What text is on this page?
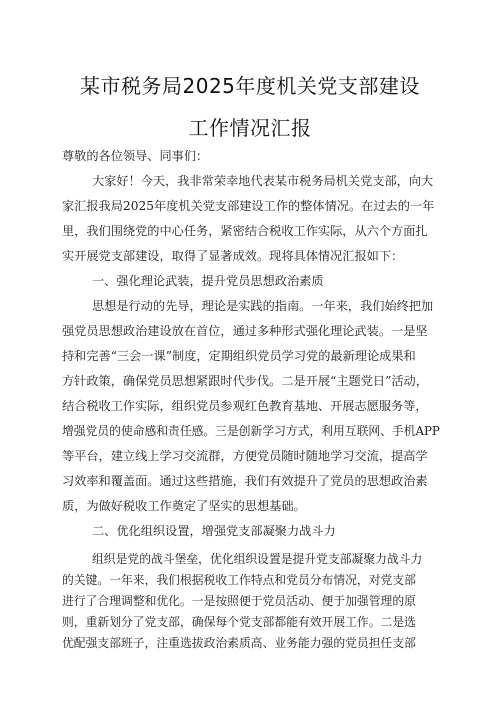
某市税务局2025年度机关党支部建设
工作情况汇报
尊敬的各位领导、同事们：
大家好！今天，我非常荣幸地代表某市税务局机关党支部，向大
家汇报我局2025年度机关党支部建设工作的整体情况。在过去的一年
里，我们围绕党的中心任务，紧密结合税收工作实际，从六个方面扎
实开展党支部建设，取得了显著成效。现将具体情况汇报如下：
一、强化理论武装，提升党员思想政治素质
思想是行动的先导，理论是实践的指南。一年来，我们始终把加
强党员思想政治建设放在首位，通过多种形式强化理论武装。一是坚
持和完善“三会一课”制度，定期组织党员学习党的最新理论成果和
方针政策，确保党员思想紧跟时代步伐。二是开展“主题党日”活动，
结合税收工作实际，组织党员参观红色教育基地、开展志愿服务等，
增强党员的使命感和责任感。三是创新学习方式，利用互联网、手机APP
等平台，建立线上学习交流群，方便党员随时随地学习交流，提高学
习效率和覆盖面。通过这些措施，我们有效提升了党员的思想政治素
质，为做好税收工作奠定了坚实的思想基础。
二、优化组织设置，增强党支部凝聚力战斗力
组织是党的战斗堡垒，优化组织设置是提升党支部凝聚力战斗力
的关键。一年来，我们根据税收工作特点和党员分布情况，对党支部
进行了合理调整和优化。一是按照便于党员活动、便于加强管理的原
则，重新划分了党支部，确保每个党支部都能有效开展工作。二是选
优配强支部班子，注重选拔政治素质高、业务能力强的党员担任支部
